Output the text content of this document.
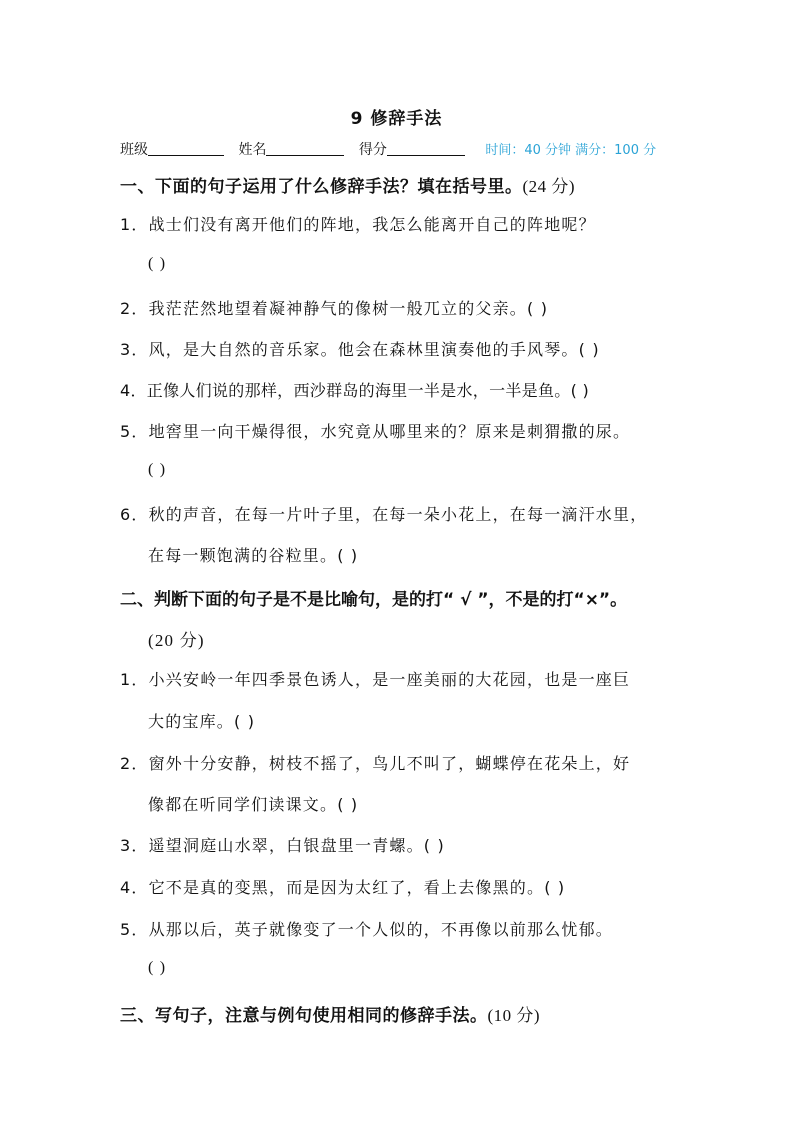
9 修辞手法
班级	姓名	得分	时间：40 分钟 满分：100 分
一、下面的句子运用了什么修辞手法？填在括号里。(24 分)
1．战士们没有离开他们的阵地，我怎么能离开自己的阵地呢？
( )
2．我茫茫然地望着凝神静气的像树一般兀立的父亲。( )
3．风，是大自然的音乐家。他会在森林里演奏他的手风琴。( )
4．正像人们说的那样，西沙群岛的海里一半是水，一半是鱼。( )
5．地窖里一向干燥得很，水究竟从哪里来的？原来是刺猬撒的尿。
( )
6．秋的声音，在每一片叶子里，在每一朵小花上，在每一滴汗水里，
在每一颗饱满的谷粒里。( )
二、判断下面的句子是不是比喻句，是的打“ √ ”，不是的打“×”。
(20 分)
1．小兴安岭一年四季景色诱人，是一座美丽的大花园，也是一座巨
大的宝库。( )
2．窗外十分安静，树枝不摇了，鸟儿不叫了，蝴蝶停在花朵上，好
像都在听同学们读课文。( )
3．遥望洞庭山水翠，白银盘里一青螺。( )
4．它不是真的变黑，而是因为太红了，看上去像黑的。( )
5．从那以后，英子就像变了一个人似的，不再像以前那么忧郁。
( )
三、写句子，注意与例句使用相同的修辞手法。(10 分)
